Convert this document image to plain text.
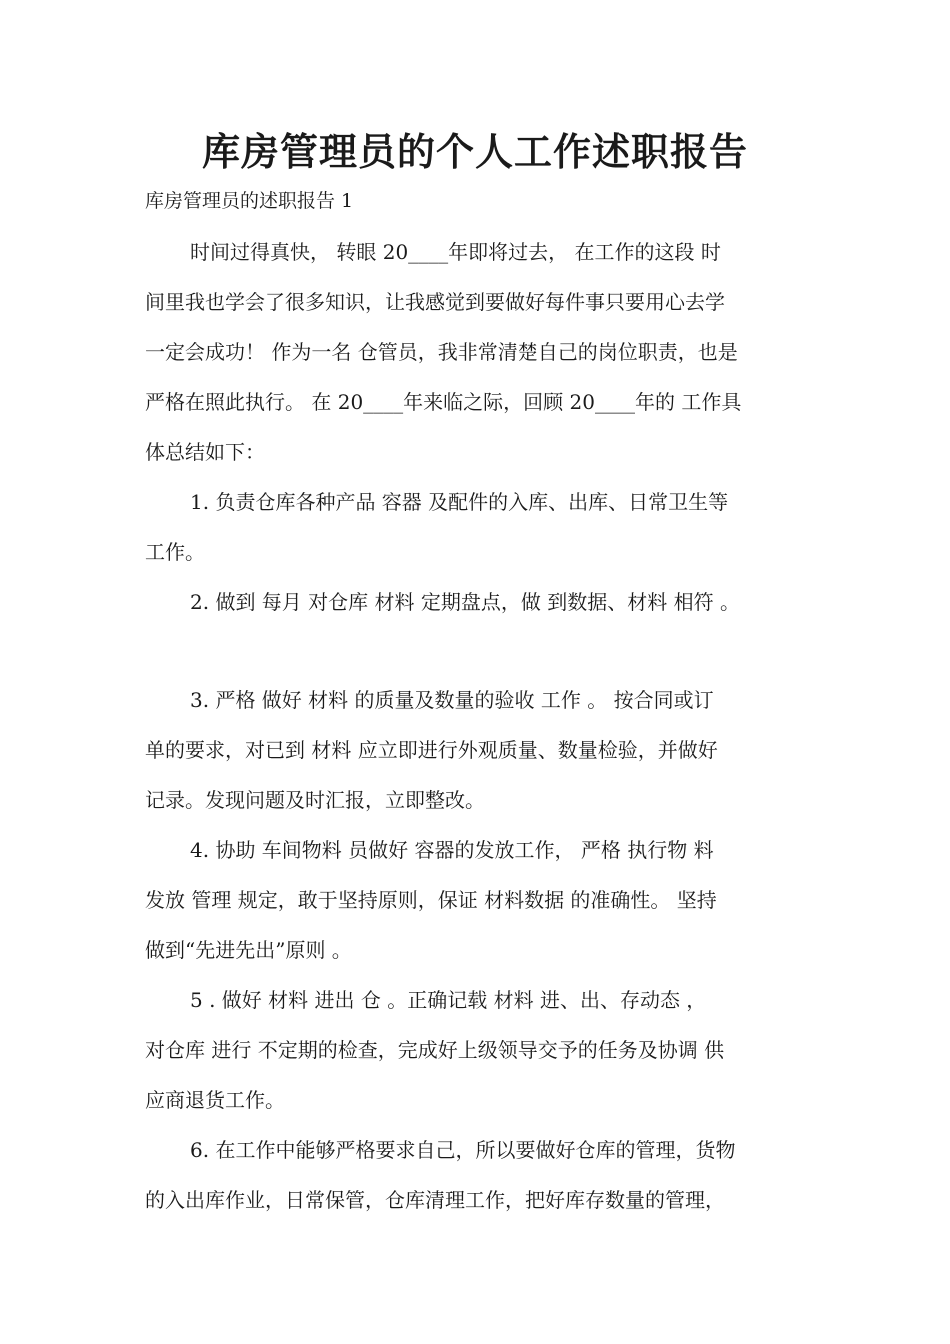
库房管理员的个人工作述职报告
库房管理员的述职报告 1
时间过得真快， 转眼 20____年即将过去， 在工作的这段 时
间里我也学会了很多知识，让我感觉到要做好每件事只要用心去学
一定会成功！ 作为一名 仓管员，我非常清楚自己的岗位职责，也是
严格在照此执行。 在 20____年来临之际，回顾 20____年的 工作具
体总结如下：
1. 负责仓库各种产品 容器 及配件的入库、出库、日常卫生等
工作。
2. 做到 每月 对仓库 材料 定期盘点，做 到数据、材料 相符 。
3. 严格 做好 材料 的质量及数量的验收 工作 。 按合同或订
单的要求，对已到 材料 应立即进行外观质量、数量检验，并做好
记录。发现问题及时汇报，立即整改。
4. 协助 车间物料 员做好 容器的发放工作， 严格 执行物 料
发放 管理 规定，敢于坚持原则，保证 材料数据 的准确性。 坚持
做到“先进先出”原则 。
5 . 做好 材料 进出 仓 。正确记载 材料 进、出、存动态 ，
对仓库 进行 不定期的检查，完成好上级领导交予的任务及协调 供
应商退货工作。
6. 在工作中能够严格要求自己，所以要做好仓库的管理，货物
的入出库作业，日常保管，仓库清理工作，把好库存数量的管理，
